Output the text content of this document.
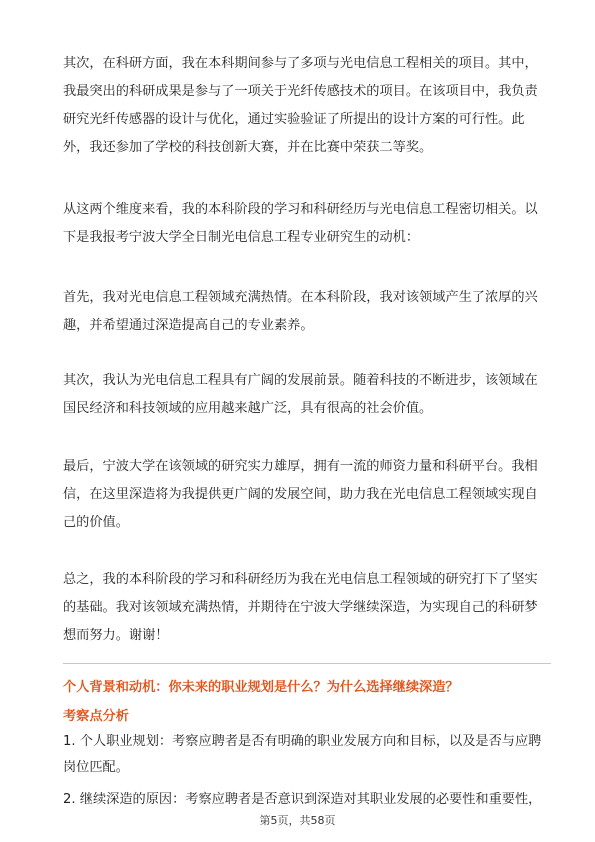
其次，在科研方面，我在本科期间参与了多项与光电信息工程相关的项目。其中，
我最突出的科研成果是参与了一项关于光纤传感技术的项目。在该项目中，我负责
研究光纤传感器的设计与优化，通过实验验证了所提出的设计方案的可行性。此
外，我还参加了学校的科技创新大赛，并在比赛中荣获二等奖。

从这两个维度来看，我的本科阶段的学习和科研经历与光电信息工程密切相关。以
下是我报考宁波大学全日制光电信息工程专业研究生的动机：

首先，我对光电信息工程领域充满热情。在本科阶段，我对该领域产生了浓厚的兴
趣，并希望通过深造提高自己的专业素养。

其次，我认为光电信息工程具有广阔的发展前景。随着科技的不断进步，该领域在
国民经济和科技领域的应用越来越广泛，具有很高的社会价值。

最后，宁波大学在该领域的研究实力雄厚，拥有一流的师资力量和科研平台。我相
信，在这里深造将为我提供更广阔的发展空间，助力我在光电信息工程领域实现自
己的价值。

总之，我的本科阶段的学习和科研经历为我在光电信息工程领域的研究打下了坚实
的基础。我对该领域充满热情，并期待在宁波大学继续深造，为实现自己的科研梦
想而努力。谢谢！

个人背景和动机：你未来的职业规划是什么？为什么选择继续深造？
考察点分析
1. 个人职业规划：考察应聘者是否有明确的职业发展方向和目标，以及是否与应聘
岗位匹配。
2. 继续深造的原因：考察应聘者是否意识到深造对其职业发展的必要性和重要性，
第5页，共58页
